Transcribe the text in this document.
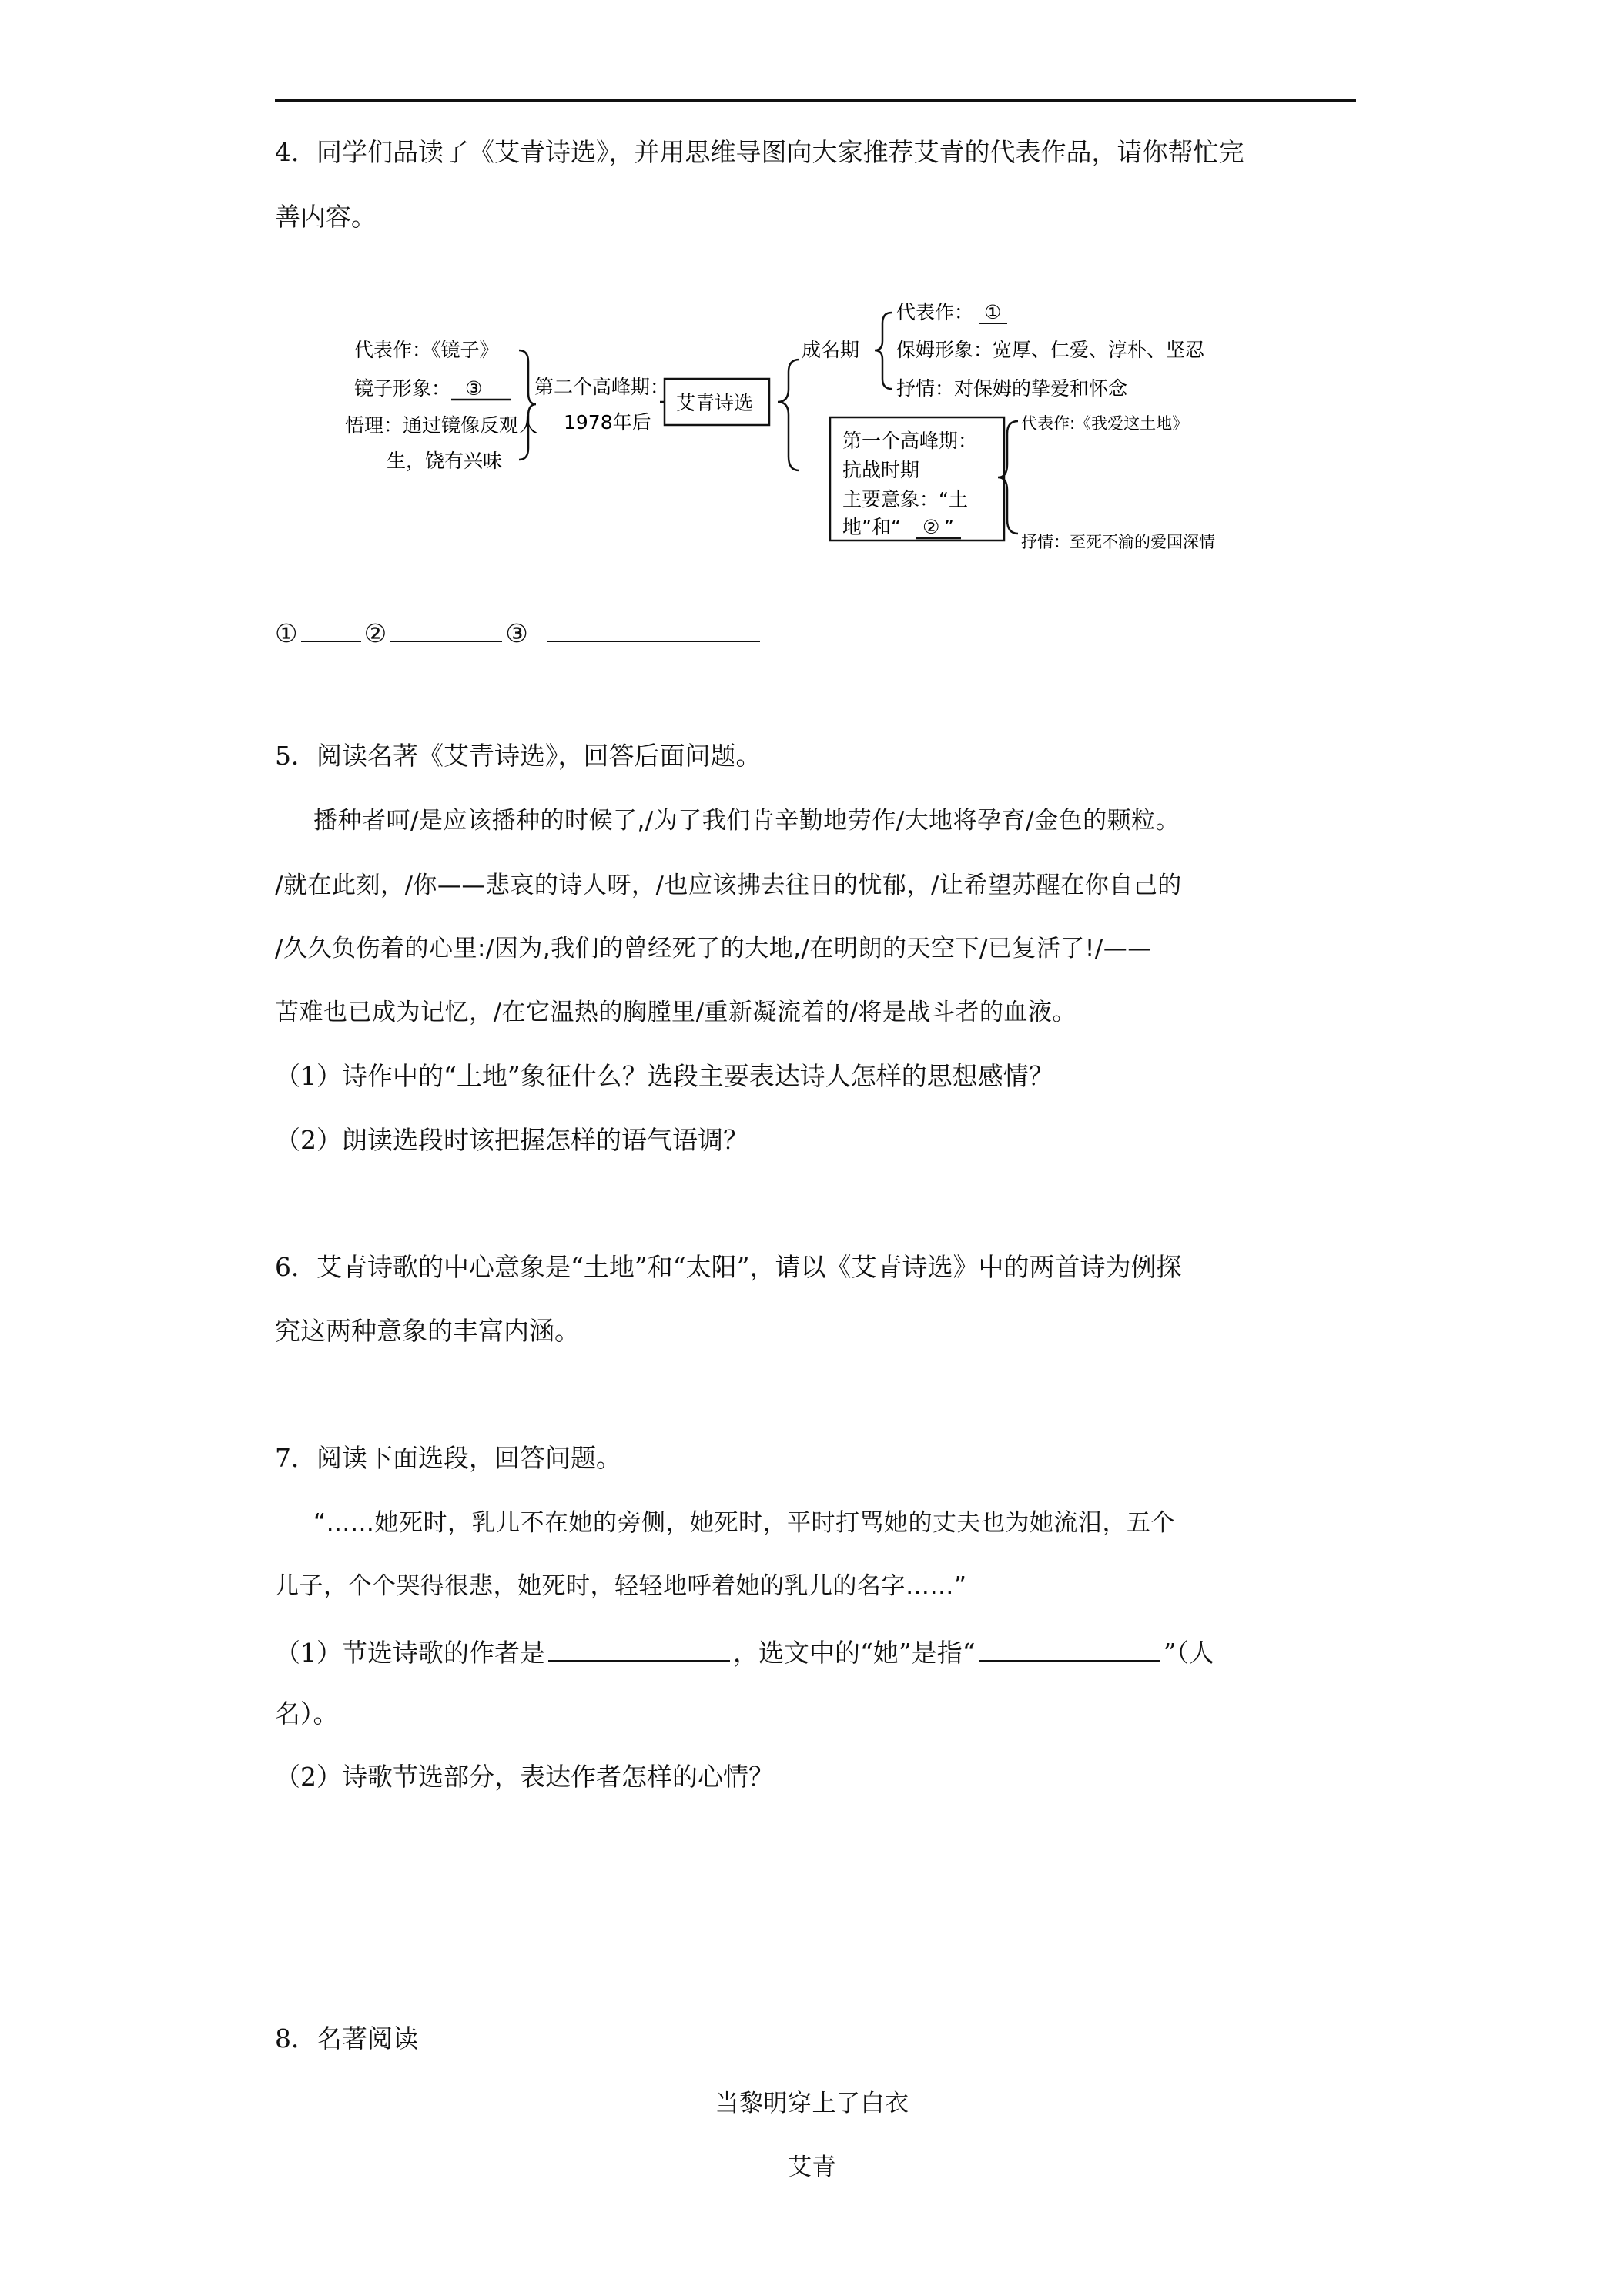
4．同学们品读了《艾青诗选》，并用思维导图向大家推荐艾青的代表作品，请你帮忙完
善内容。
代表作：《镜子》
镜子形象： ③
悟理：通过镜像反观人
生，饶有兴味
第二个高峰期：
1978年后
艾青诗选
成名期
代表作： ①
保姆形象：宽厚、仁爱、淳朴、坚忍
抒情：对保姆的挚爱和怀念
第一个高峰期：
抗战时期
主要意象：“土
地”和“ ② ”
代表作:《我爱这土地》
抒情：至死不渝的爱国深情
①	②	③
5．阅读名著《艾青诗选》，回答后面问题。
播种者呵/是应该播种的时候了,/为了我们肯辛勤地劳作/大地将孕育/金色的颗粒。
/就在此刻，/你——悲哀的诗人呀，/也应该拂去往日的忧郁，/让希望苏醒在你自己的
/久久负伤着的心里:/因为,我们的曾经死了的大地,/在明朗的天空下/已复活了!/——
苦难也已成为记忆，/在它温热的胸膛里/重新凝流着的/将是战斗者的血液。
（1）诗作中的“土地”象征什么？选段主要表达诗人怎样的思想感情？
（2）朗读选段时该把握怎样的语气语调？
6．艾青诗歌的中心意象是“土地”和“太阳”，请以《艾青诗选》中的两首诗为例探
究这两种意象的丰富内涵。
7．阅读下面选段，回答问题。
“……她死时，乳儿不在她的旁侧，她死时，平时打骂她的丈夫也为她流泪，五个
儿子，个个哭得很悲，她死时，轻轻地呼着她的乳儿的名字……”
（1）节选诗歌的作者是	，选文中的“她”是指“	”（人
名）。
（2）诗歌节选部分，表达作者怎样的心情？
8．名著阅读
当黎明穿上了白衣
艾青
